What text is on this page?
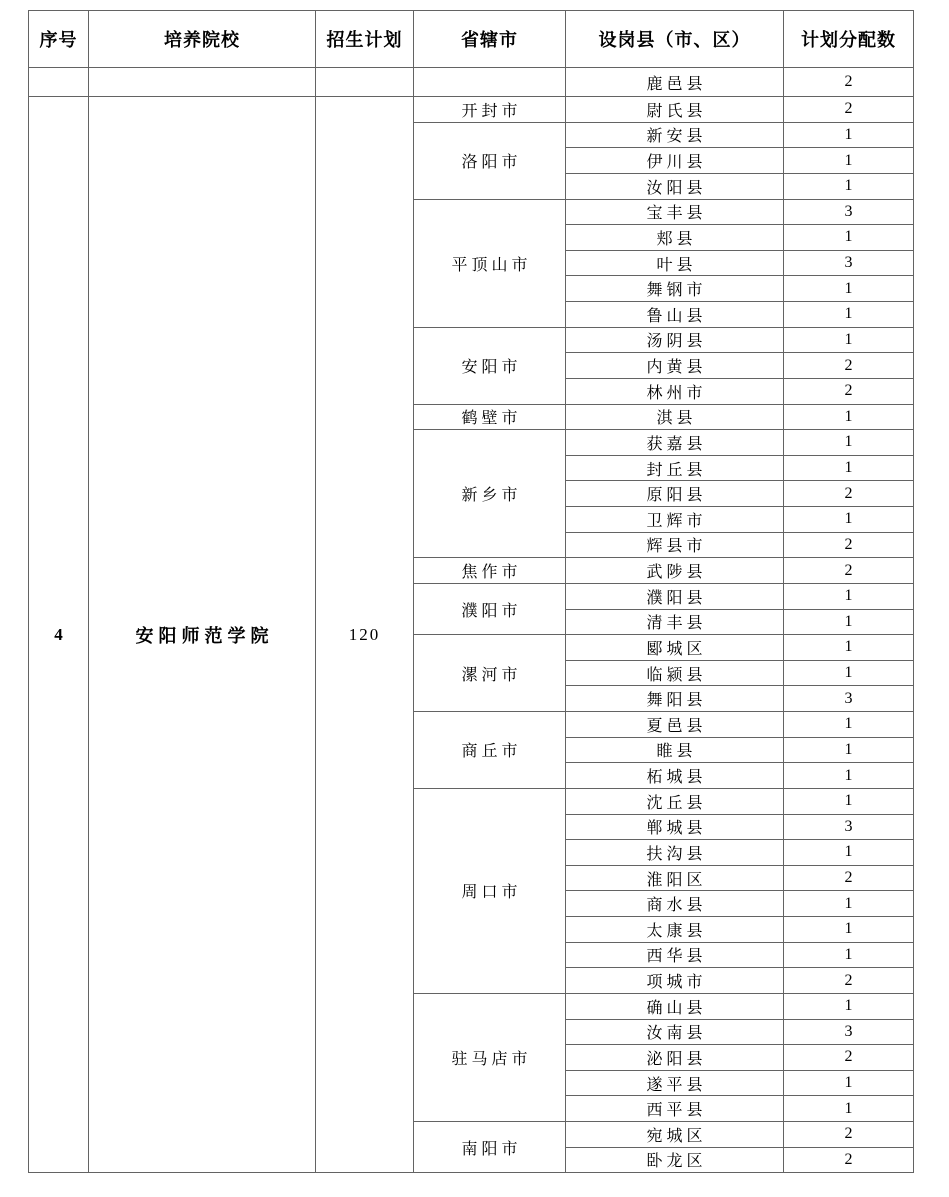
序号	培养院校	招生计划	省辖市	设岗县（市、区）	计划分配数
				鹿邑县	2
4	安阳师范学院	120	开封市	尉氏县	2
			洛阳市	新安县	1
				伊川县	1
				汝阳县	1
			平顶山市	宝丰县	3
				郏县	1
				叶县	3
				舞钢市	1
				鲁山县	1
			安阳市	汤阴县	1
				内黄县	2
				林州市	2
			鹤壁市	淇县	1
			新乡市	获嘉县	1
				封丘县	1
				原阳县	2
				卫辉市	1
				辉县市	2
			焦作市	武陟县	2
			濮阳市	濮阳县	1
				清丰县	1
			漯河市	郾城区	1
				临颍县	1
				舞阳县	3
			商丘市	夏邑县	1
				睢县	1
				柘城县	1
			周口市	沈丘县	1
				郸城县	3
				扶沟县	1
				淮阳区	2
				商水县	1
				太康县	1
				西华县	1
				项城市	2
			驻马店市	确山县	1
				汝南县	3
				泌阳县	2
				遂平县	1
				西平县	1
			南阳市	宛城区	2
				卧龙区	2
